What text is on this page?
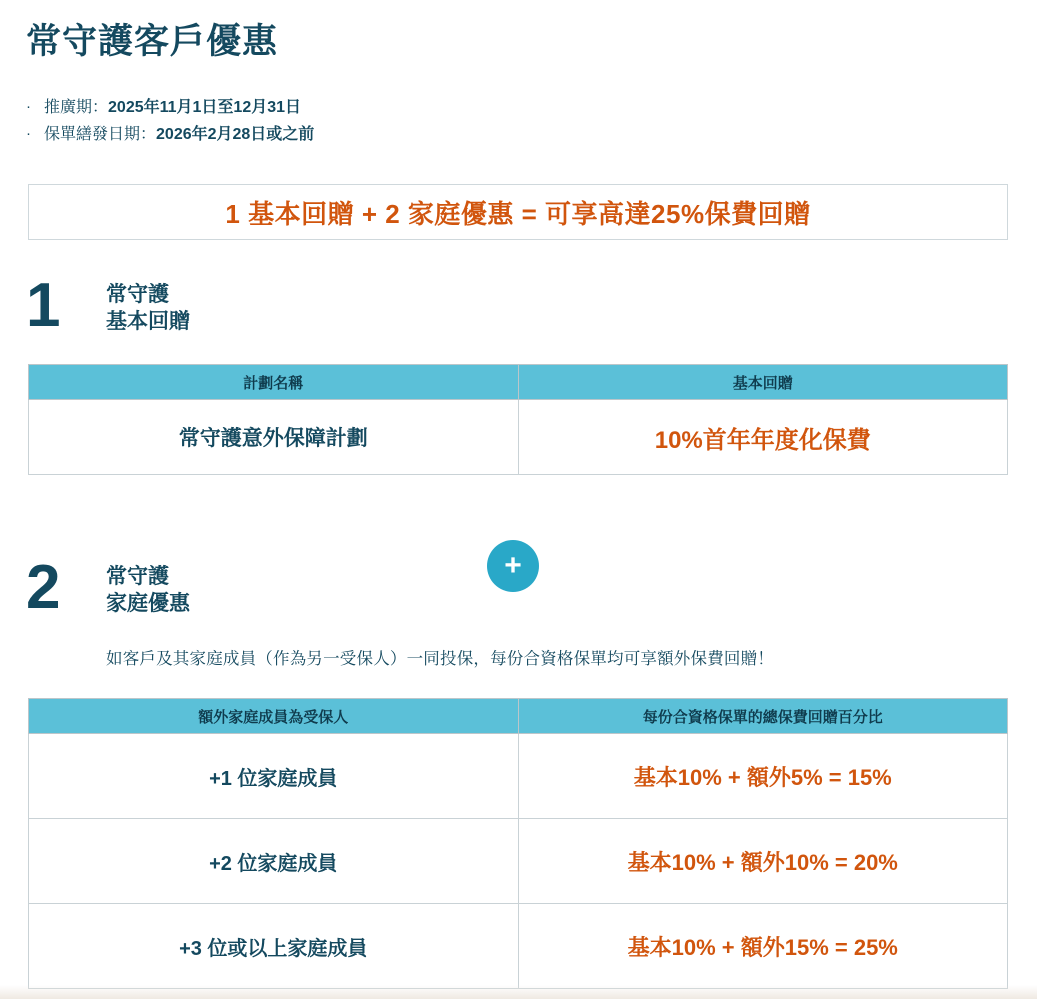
常守護客戶優惠
· 推廣期：2025年11月1日至12月31日
· 保單繕發日期：2026年2月28日或之前
1 基本回贈 + 2 家庭優惠 = 可享高達25%保費回贈
1 常守護
基本回贈
計劃名稱	基本回贈
常守護意外保障計劃	10%首年年度化保費
2 常守護
家庭優惠
+
如客戶及其家庭成員（作為另一受保人）一同投保，每份合資格保單均可享額外保費回贈！
額外家庭成員為受保人	每份合資格保單的總保費回贈百分比
+1 位家庭成員	基本10% + 額外5% = 15%
+2 位家庭成員	基本10% + 額外10% = 20%
+3 位或以上家庭成員	基本10% + 額外15% = 25%
